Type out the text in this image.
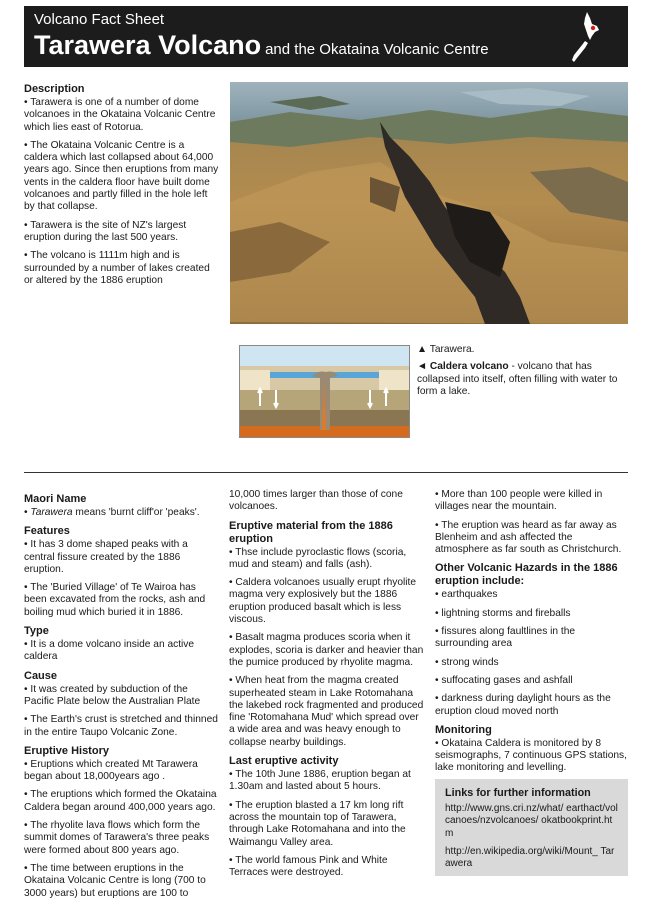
Volcano Fact Sheet
Tarawera Volcano and the Okataina Volcanic Centre
Description

• Tarawera is one of a number of dome volcanoes in the Okataina Volcanic Centre which lies east of Rotorua.

• The Okataina Volcanic Centre is a caldera which last collapsed about 64,000 years ago. Since then eruptions from many vents in the caldera floor have built dome volcanoes and partly filled in the hole left by that collapse.

• Tarawera is the site of NZ's largest eruption during the last 500 years.

• The volcano is 1111m high and is surrounded by a number of lakes created or altered by the 1886 eruption

▲ Tarawera.
◄ Caldera volcano - volcano that has collapsed into itself, often filling with water to form a lake.
Maori Name

• Tarawera means 'burnt cliff'or 'peaks'.

Features

• It has 3 dome shaped peaks with a central fissure created by the 1886 eruption.

• The 'Buried Village' of Te Wairoa has been excavated from the rocks, ash and boiling mud which buried it in 1886.

Type

• It is a dome volcano inside an active caldera

Cause

• It was created by subduction of the Pacific Plate below the Australian Plate

• The Earth's crust is stretched and thinned in the entire Taupo Volcanic Zone.

Eruptive History

• Eruptions which created Mt Tarawera began about 18,000years ago .

• The eruptions which formed the Okataina Caldera began around 400,000 years ago.

• The rhyolite lava flows which form the summit domes of Tarawera's three peaks were formed about 800 years ago.

• The time between eruptions in the Okataina Volcanic Centre is long (700 to 3000 years) but eruptions are 100 to

10,000 times larger than those of cone volcanoes.

Eruptive material from the 1886 eruption

• Thse include pyroclastic flows (scoria, mud and steam) and falls (ash).

• Caldera volcanoes usually erupt rhyolite magma very explosively but the 1886 eruption produced basalt which is less viscous.

• Basalt magma produces scoria when it explodes, scoria is darker and heavier than the pumice produced by rhyolite magma.

• When heat from the magma created superheated steam in Lake Rotomahana the lakebed rock fragmented and produced fine 'Rotomahana Mud' which spread over a wide area and was heavy enough to collapse nearby buildings.

Last eruptive activity

• The 10th June 1886, eruption began at 1.30am and lasted about 5 hours.

• The eruption blasted a 17 km long rift across the mountain top of Tarawera, through Lake Rotomahana and into the Waimangu Valley area.

• The world famous Pink and White Terraces were destroyed.

• More than 100 people were killed in villages near the mountain.

• The eruption was heard as far away as Blenheim and ash affected the atmosphere as far south as Christchurch.

Other Volcanic Hazards in the 1886 eruption include:

• earthquakes

• lightning storms and fireballs

• fissures along faultlines in the surrounding area

• strong winds

• suffocating gases and ashfall

• darkness during daylight hours as the eruption cloud moved north

Monitoring

• Okataina Caldera is monitored by 8 seismographs, 7 continuous GPS stations, lake monitoring and levelling.

Links for further information
http://www.gns.cri.nz/what/ earthact/volcanoes/nzvolcanoes/ okatbookprint.htm
http://en.wikipedia.org/wiki/Mount_ Tarawera
